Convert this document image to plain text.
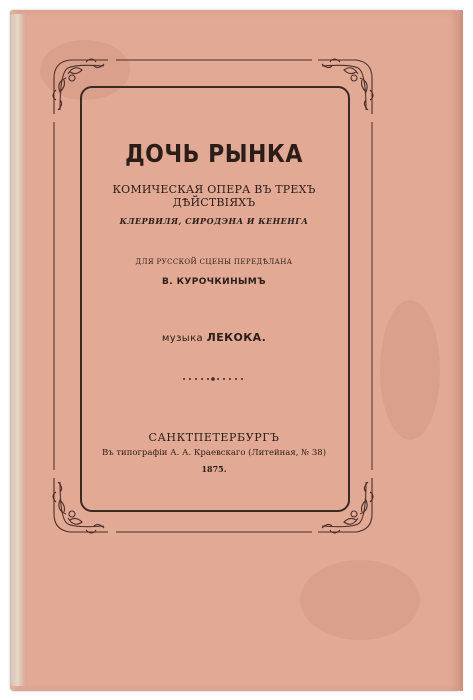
ДОЧЬ РЫНКА
КОМИЧЕСКАЯ ОПЕРА ВЪ ТРЕХЪ ДѢЙСТВІЯХЪ
КЛЕРВИЛЯ, СИРОДЭНА И КЕНЕНГА
ДЛЯ РУССКОЙ СЦЕНЫ ПЕРЕДѢЛАНА
В. КУРОЧКИНЫМЪ
музыка ЛЕКОКА.
САНКТПЕТЕРБУРГЪ
Въ типографіи А. А. Краевскаго (Литейная, № 38)
1875.
